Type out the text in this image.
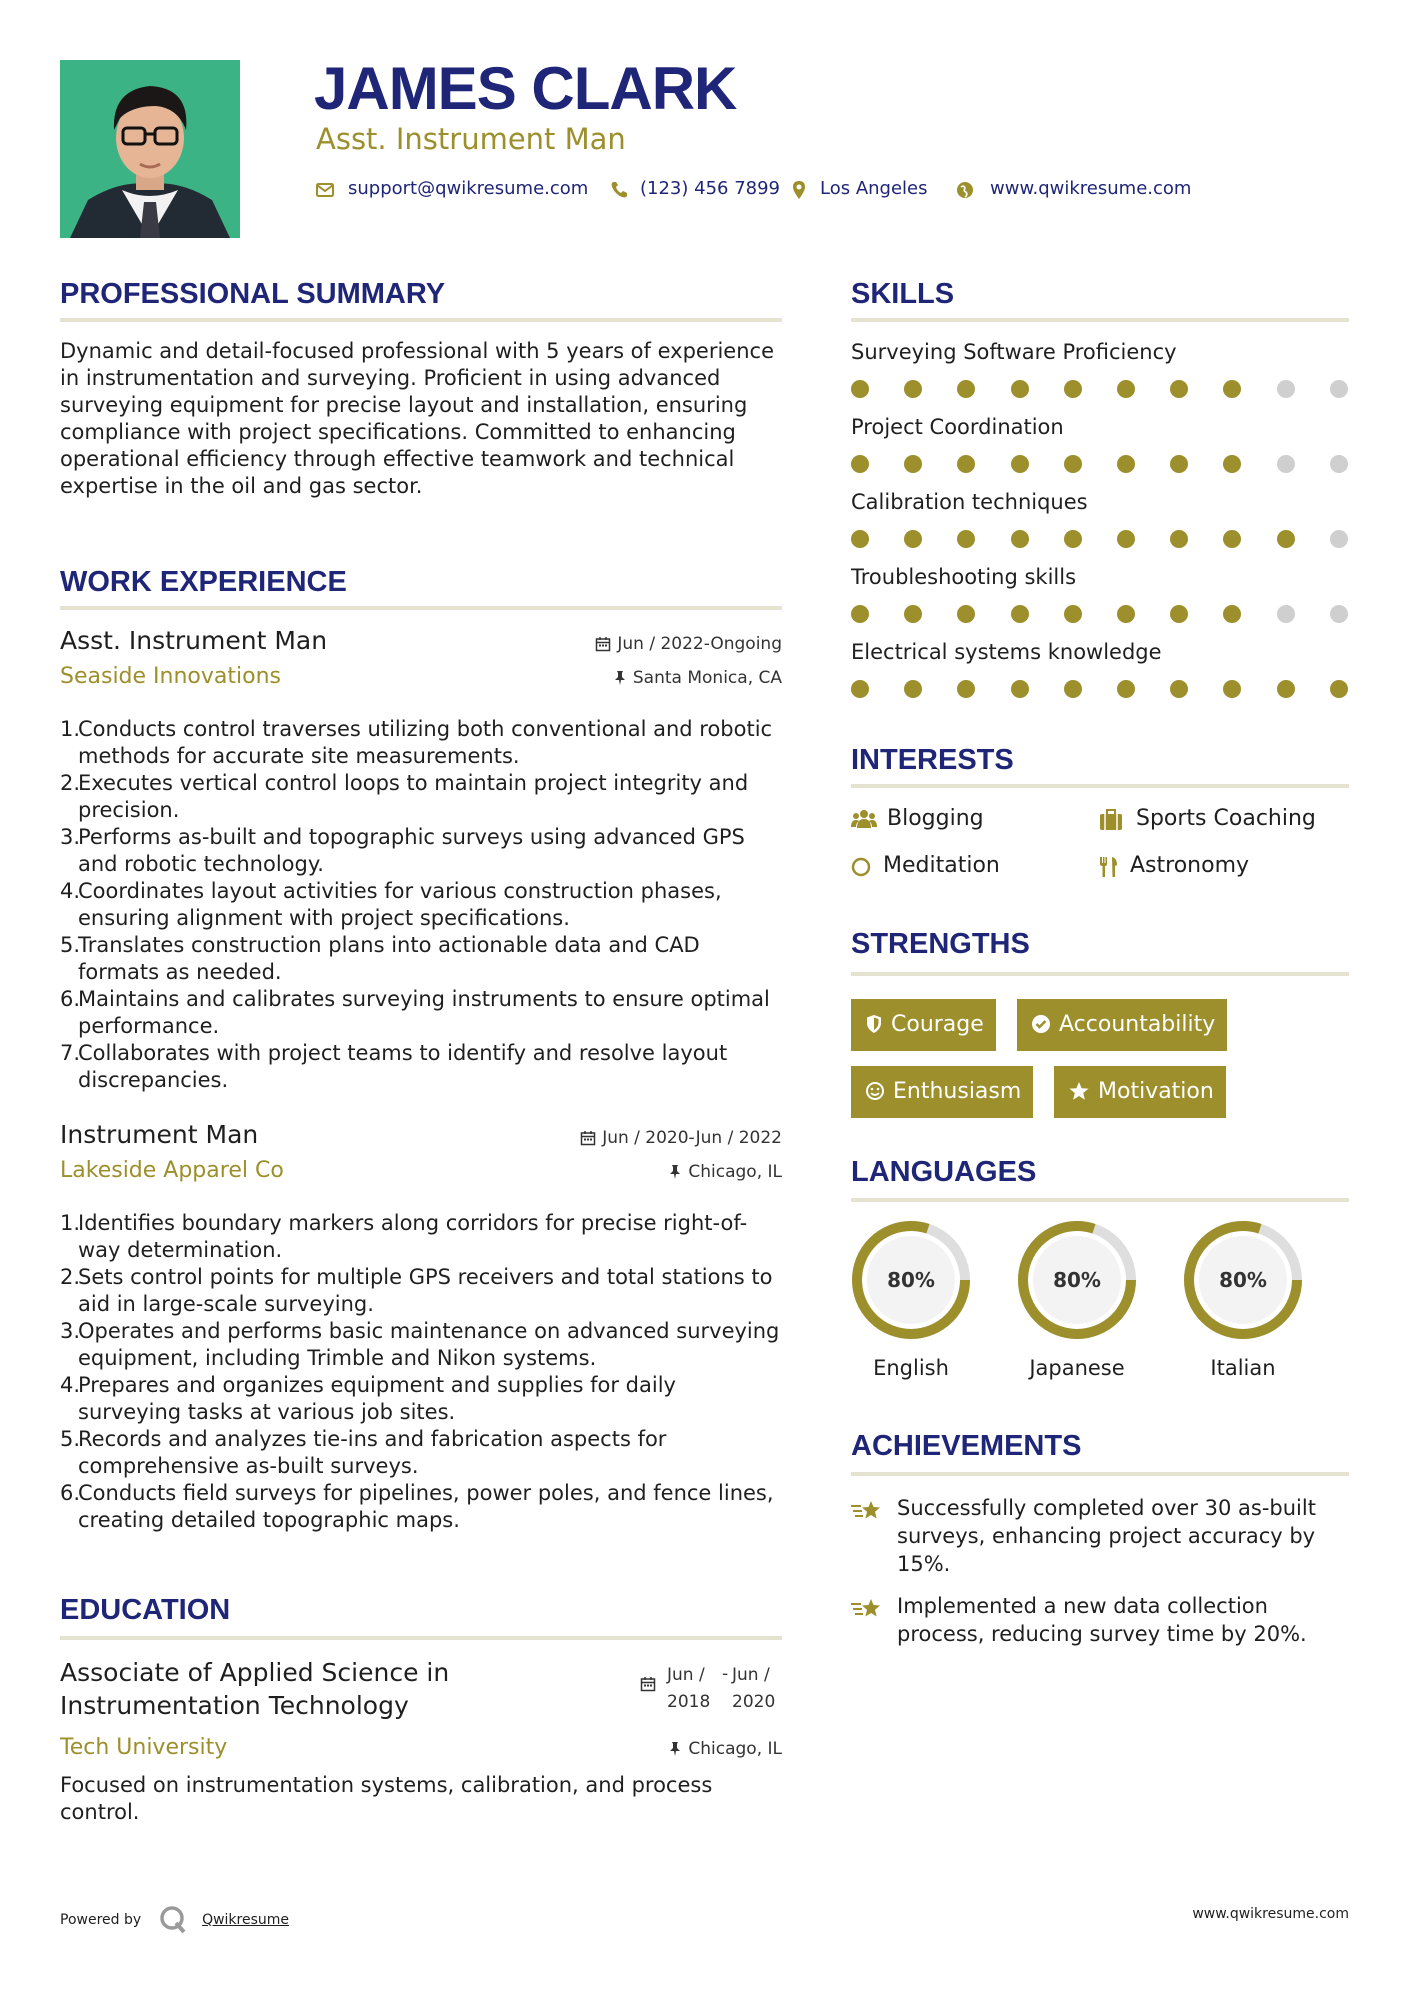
JAMES CLARK
Asst. Instrument Man
support@qwikresume.com	(123) 456 7899 Los Angeles	www.qwikresume.com
PROFESSIONAL SUMMARY
Dynamic and detail-focused professional with 5 years of experience in instrumentation and surveying. Proficient in using advanced surveying equipment for precise layout and installation, ensuring compliance with project specifications. Committed to enhancing operational efficiency through effective teamwork and technical expertise in the oil and gas sector.
WORK EXPERIENCE
Asst. Instrument Man	Jun / 2022-Ongoing
Seaside Innovations	Santa Monica, CA
1.
Conducts control traverses utilizing both conventional and robotic methods for accurate site measurements.
2.
Executes vertical control loops to maintain project integrity and precision.
3.
Performs as-built and topographic surveys using advanced GPS and robotic technology.
4.
Coordinates layout activities for various construction phases, ensuring alignment with project specifications.
5.
Translates construction plans into actionable data and CAD formats as needed.
6.
Maintains and calibrates surveying instruments to ensure optimal performance.
7.
Collaborates with project teams to identify and resolve layout discrepancies.
Instrument Man	Jun / 2020-Jun / 2022
Lakeside Apparel Co	Chicago, IL
1.
Identifies boundary markers along corridors for precise right-of-way determination.
2.
Sets control points for multiple GPS receivers and total stations to aid in large-scale surveying.
3.
Operates and performs basic maintenance on advanced surveying equipment, including Trimble and Nikon systems.
4.
Prepares and organizes equipment and supplies for daily surveying tasks at various job sites.
5.
Records and analyzes tie-ins and fabrication aspects for comprehensive as-built surveys.
6.
Conducts field surveys for pipelines, power poles, and fence lines, creating detailed topographic maps.
EDUCATION
Associate of Applied Science in
Instrumentation Technology
Jun /
2018
- Jun /
2020
Tech University	Chicago, IL
Focused on instrumentation systems, calibration, and process control.
SKILLS
Surveying Software Proficiency
Project Coordination
Calibration techniques
Troubleshooting skills
Electrical systems knowledge
INTERESTS
Blogging	Sports Coaching
Meditation	Astronomy
STRENGTHS
Courage	Accountability
Enthusiasm	Motivation
LANGUAGES
80%
English
80%
Japanese
80%
Italian
ACHIEVEMENTS
Successfully completed over 30 as-built surveys, enhancing project accuracy by 15%.
Implemented a new data collection process, reducing survey time by 20%.
Powered by	Qwikresume	www.qwikresume.com
